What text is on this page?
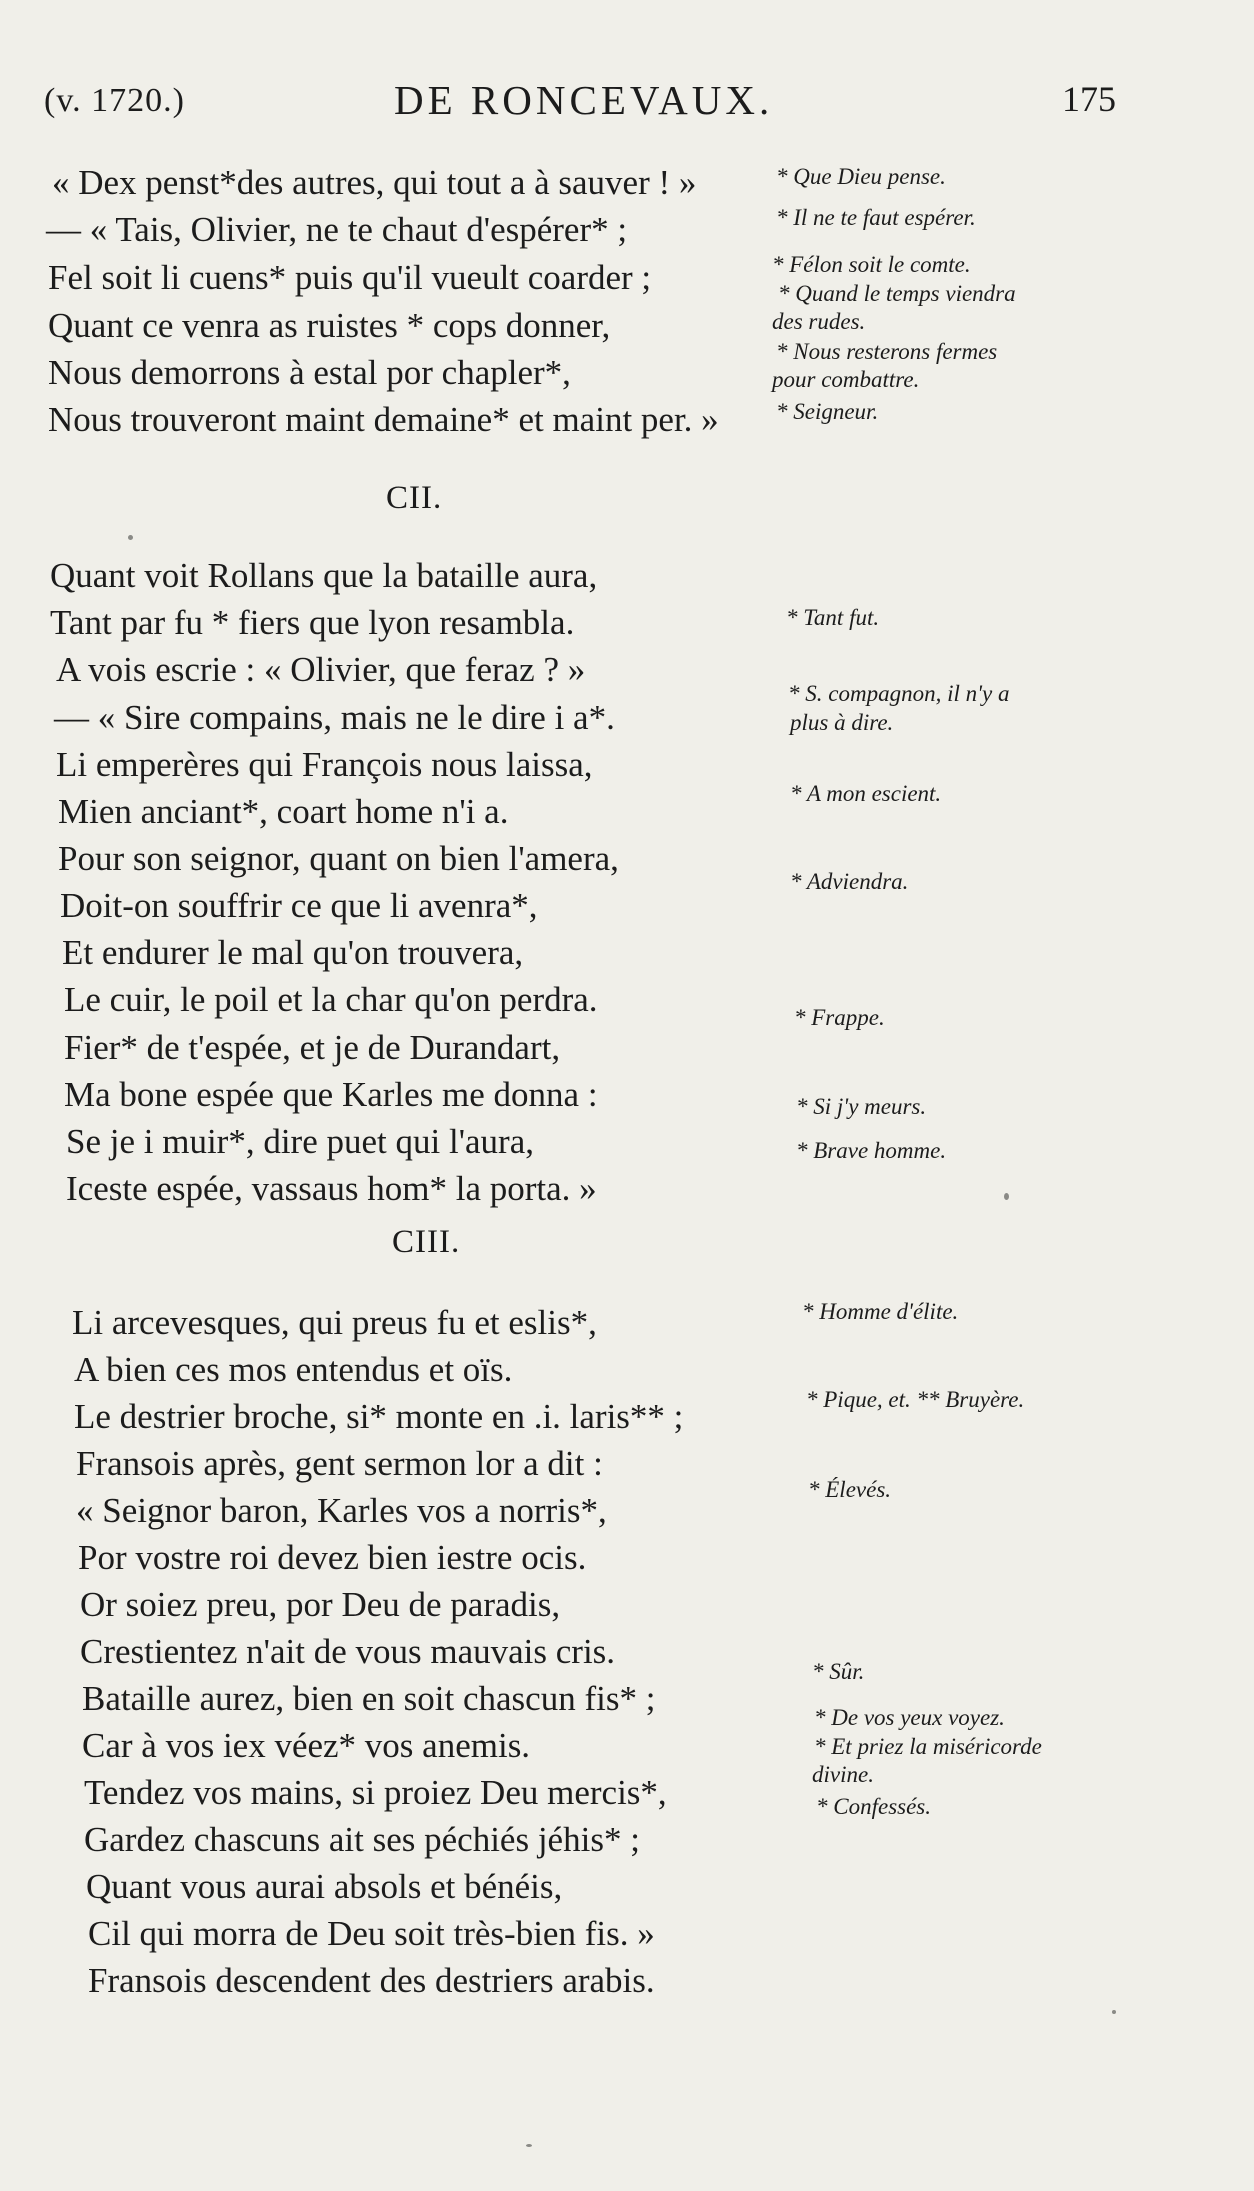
(v. 1720.)	DE RONCEVAUX.	175
« Dex penst*des autres, qui tout a à sauver ! »
— « Tais, Olivier, ne te chaut d'espérer* ;
Fel soit li cuens* puis qu'il vueult coarder ;
Quant ce venra as ruistes * cops donner,
Nous demorrons à estal por chapler*,
Nous trouveront maint demaine* et maint per. »
* Que Dieu pense.
* Il ne te faut espérer.
* Félon soit le comte.
* Quand le temps viendra
des rudes.
* Nous resterons fermes
pour combattre.
* Seigneur.
CII.
Quant voit Rollans que la bataille aura,
Tant par fu * fiers que lyon resambla.
A vois escrie : « Olivier, que feraz ? »
— « Sire compains, mais ne le dire i a*.
Li emperères qui François nous laissa,
Mien anciant*, coart home n'i a.
Pour son seignor, quant on bien l'amera,
Doit-on souffrir ce que li avenra*,
Et endurer le mal qu'on trouvera,
Le cuir, le poil et la char qu'on perdra.
Fier* de t'espée, et je de Durandart,
Ma bone espée que Karles me donna :
Se je i muir*, dire puet qui l'aura,
Iceste espée, vassaus hom* la porta. »
* Tant fut.
* S. compagnon, il n'y a
plus à dire.
* A mon escient.
* Adviendra.
* Frappe.
* Si j'y meurs.
* Brave homme.
CIII.
Li arcevesques, qui preus fu et eslis*,
A bien ces mos entendus et oïs.
Le destrier broche, si* monte en .i. laris** ;
Fransois après, gent sermon lor a dit :
« Seignor baron, Karles vos a norris*,
Por vostre roi devez bien iestre ocis.
Or soiez preu, por Deu de paradis,
Crestientez n'ait de vous mauvais cris.
Bataille aurez, bien en soit chascun fis* ;
Car à vos iex véez* vos anemis.
Tendez vos mains, si proiez Deu mercis*,
Gardez chascuns ait ses péchiés jéhis* ;
Quant vous aurai absols et bénéis,
Cil qui morra de Deu soit très-bien fis. »
Fransois descendent des destriers arabis.
* Homme d'élite.
* Pique, et. ** Bruyère.
* Élevés.
* Sûr.
* De vos yeux voyez.
* Et priez la miséricorde
divine.
* Confessés.
